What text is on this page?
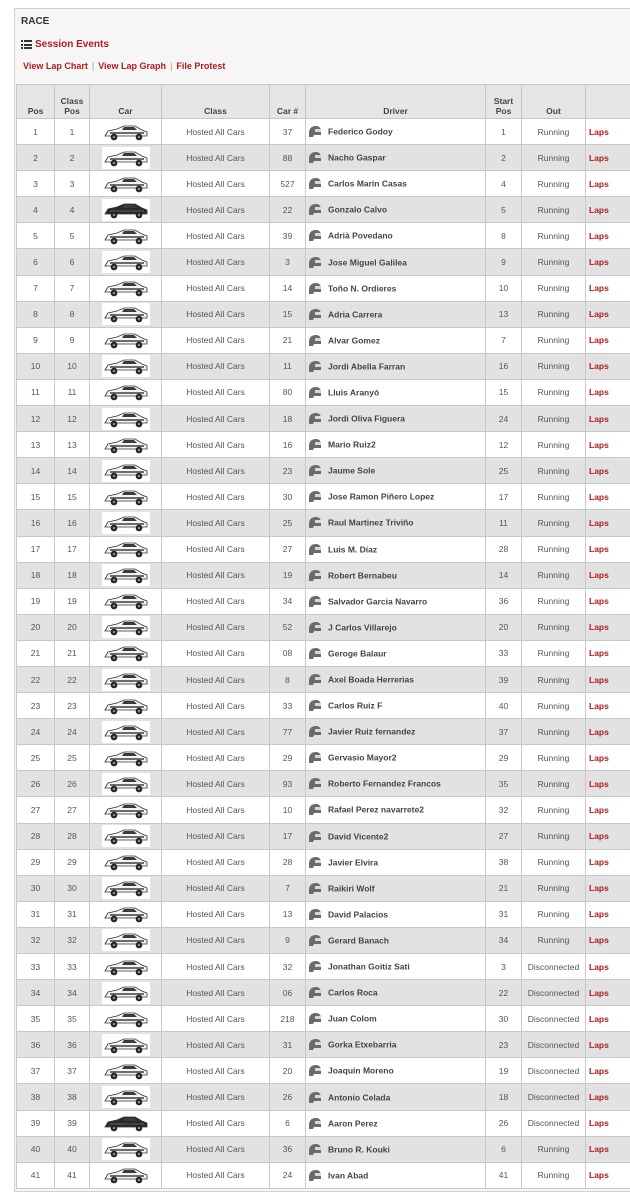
RACE
Session Events
View Lap Chart | View Lap Graph | File Protest
Pos	Class Pos	Car	Class	Car #	Driver	Start Pos	Out	
1	1		Hosted All Cars	37	Federico Godoy	1	Running	Laps
2	2		Hosted All Cars	88	Nacho Gaspar	2	Running	Laps
3	3		Hosted All Cars	527	Carlos Marin Casas	4	Running	Laps
4	4		Hosted All Cars	22	Gonzalo Calvo	5	Running	Laps
5	5		Hosted All Cars	39	Adrià Povedano	8	Running	Laps
6	6		Hosted All Cars	3	Jose Miguel Galilea	9	Running	Laps
7	7		Hosted All Cars	14	Toño N. Ordieres	10	Running	Laps
8	8		Hosted All Cars	15	Adria Carrera	13	Running	Laps
9	9		Hosted All Cars	21	Alvar Gomez	7	Running	Laps
10	10		Hosted All Cars	11	Jordi Abella Farran	16	Running	Laps
11	11		Hosted All Cars	80	Lluis Aranyó	15	Running	Laps
12	12		Hosted All Cars	18	Jordi Oliva Figuera	24	Running	Laps
13	13		Hosted All Cars	16	Mario Ruiz2	12	Running	Laps
14	14		Hosted All Cars	23	Jaume Sole	25	Running	Laps
15	15		Hosted All Cars	30	Jose Ramon Piñero Lopez	17	Running	Laps
16	16		Hosted All Cars	25	Raul Martinez Triviño	11	Running	Laps
17	17		Hosted All Cars	27	Luis M. Díaz	28	Running	Laps
18	18		Hosted All Cars	19	Robert Bernabeu	14	Running	Laps
19	19		Hosted All Cars	34	Salvador Garcia Navarro	36	Running	Laps
20	20		Hosted All Cars	52	J Carlos Villarejo	20	Running	Laps
21	21		Hosted All Cars	08	Geroge Balaur	33	Running	Laps
22	22		Hosted All Cars	8	Axel Boada Herrerias	39	Running	Laps
23	23		Hosted All Cars	33	Carlos Ruiz F	40	Running	Laps
24	24		Hosted All Cars	77	Javier Ruiz fernandez	37	Running	Laps
25	25		Hosted All Cars	29	Gervasio Mayor2	29	Running	Laps
26	26		Hosted All Cars	93	Roberto Fernandez Francos	35	Running	Laps
27	27		Hosted All Cars	10	Rafael Perez navarrete2	32	Running	Laps
28	28		Hosted All Cars	17	David Vicente2	27	Running	Laps
29	29		Hosted All Cars	28	Javier Elvira	38	Running	Laps
30	30		Hosted All Cars	7	Raikiri Wolf	21	Running	Laps
31	31		Hosted All Cars	13	David Palacios	31	Running	Laps
32	32		Hosted All Cars	9	Gerard Banach	34	Running	Laps
33	33		Hosted All Cars	32	Jonathan Goitiz Sati	3	Disconnected	Laps
34	34		Hosted All Cars	06	Carlos Roca	22	Disconnected	Laps
35	35		Hosted All Cars	218	Juan Colom	30	Disconnected	Laps
36	36		Hosted All Cars	31	Gorka Etxebarria	23	Disconnected	Laps
37	37		Hosted All Cars	20	Joaquin Moreno	19	Disconnected	Laps
38	38		Hosted All Cars	26	Antonio Celada	18	Disconnected	Laps
39	39		Hosted All Cars	6	Aaron Perez	26	Disconnected	Laps
40	40		Hosted All Cars	36	Bruno R. Kouki	6	Running	Laps
41	41		Hosted All Cars	24	Ivan Abad	41	Running	Laps
